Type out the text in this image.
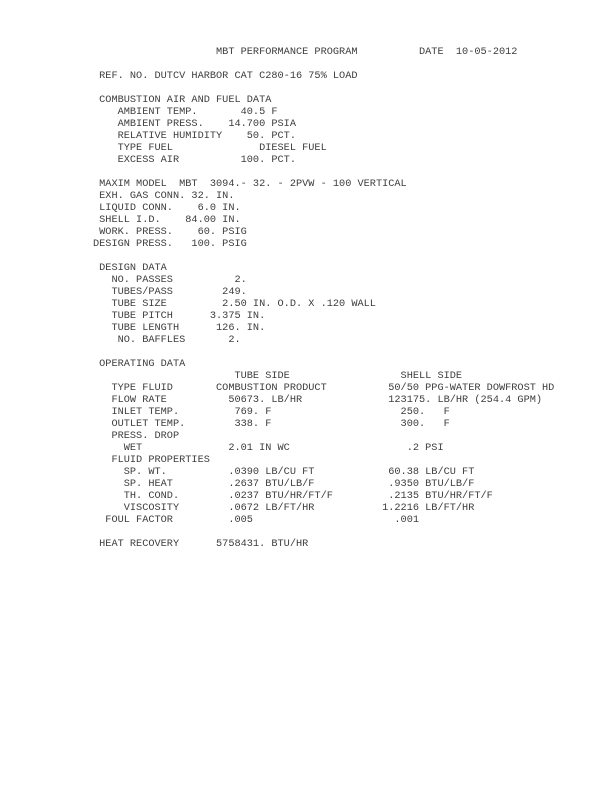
MBT PERFORMANCE PROGRAM          DATE  10-05-2012
REF. NO. DUTCV HARBOR CAT C280-16 75% LOAD
COMBUSTION AIR AND FUEL DATA
AMBIENT TEMP.       40.5 F
AMBIENT PRESS.    14.700 PSIA
RELATIVE HUMIDITY    50. PCT.
TYPE FUEL              DIESEL FUEL
EXCESS AIR          100. PCT.
MAXIM MODEL  MBT  3094.- 32. - 2PVW - 100 VERTICAL
EXH. GAS CONN. 32. IN.
LIQUID CONN.    6.0 IN.
SHELL I.D.    84.00 IN.
WORK. PRESS.    60. PSIG
DESIGN PRESS.   100. PSIG
DESIGN DATA
NO. PASSES          2.
TUBES/PASS        249.
TUBE SIZE         2.50 IN. O.D. X .120 WALL
TUBE PITCH      3.375 IN.
TUBE LENGTH      126. IN.
NO. BAFFLES       2.
OPERATING DATA
TUBE SIDE                  SHELL SIDE
TYPE FLUID       COMBUSTION PRODUCT          50/50 PPG-WATER DOWFROST HD
FLOW RATE          50673. LB/HR              123175. LB/HR (254.4 GPM)
INLET TEMP.         769. F                     250.   F
OUTLET TEMP.        338. F                     300.   F
PRESS. DROP
WET              2.01 IN WC                   .2 PSI
FLUID PROPERTIES
SP. WT.          .0390 LB/CU FT            60.38 LB/CU FT
SP. HEAT         .2637 BTU/LB/F            .9350 BTU/LB/F
TH. COND.        .0237 BTU/HR/FT/F         .2135 BTU/HR/FT/F
VISCOSITY        .0672 LB/FT/HR           1.2216 LB/FT/HR
FOUL FACTOR         .005                       .001
HEAT RECOVERY      5758431. BTU/HR
